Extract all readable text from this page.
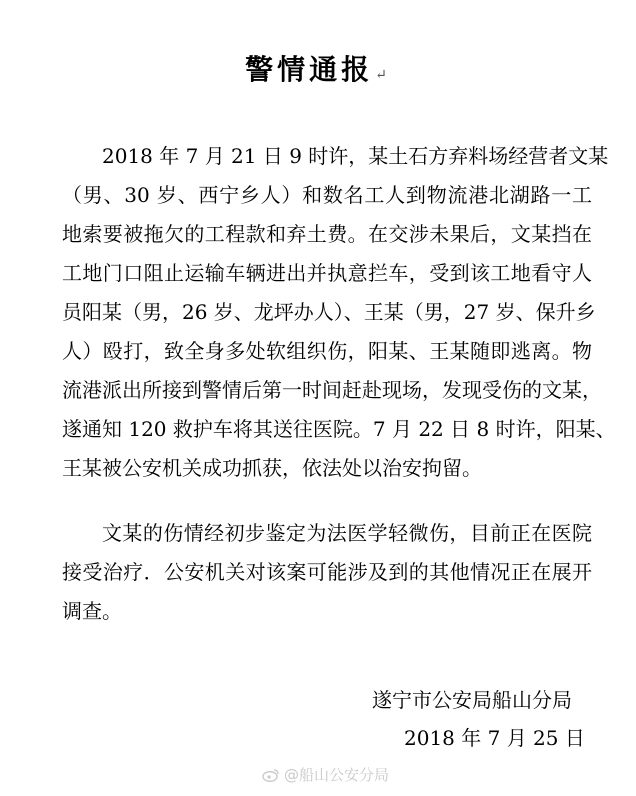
警情通报 ↵
2018 年 7 月 21 日 9 时许，某土石方弃料场经营者文某
（男、30 岁、西宁乡人）和数名工人到物流港北湖路一工
地索要被拖欠的工程款和弃土费。在交涉未果后，文某挡在
工地门口阻止运输车辆进出并执意拦车，受到该工地看守人
员阳某（男，26 岁、龙坪办人）、王某（男，27 岁、保升乡
人）殴打，致全身多处软组织伤，阳某、王某随即逃离。物
流港派出所接到警情后第一时间赶赴现场，发现受伤的文某，
遂通知 120 救护车将其送往医院。7 月 22 日 8 时许，阳某、
王某被公安机关成功抓获，依法处以治安拘留。
文某的伤情经初步鉴定为法医学轻微伤，目前正在医院
接受治疗．公安机关对该案可能涉及到的其他情况正在展开
调查。
遂宁市公安局船山分局
2018 年 7 月 25 日
@船山公安分局
